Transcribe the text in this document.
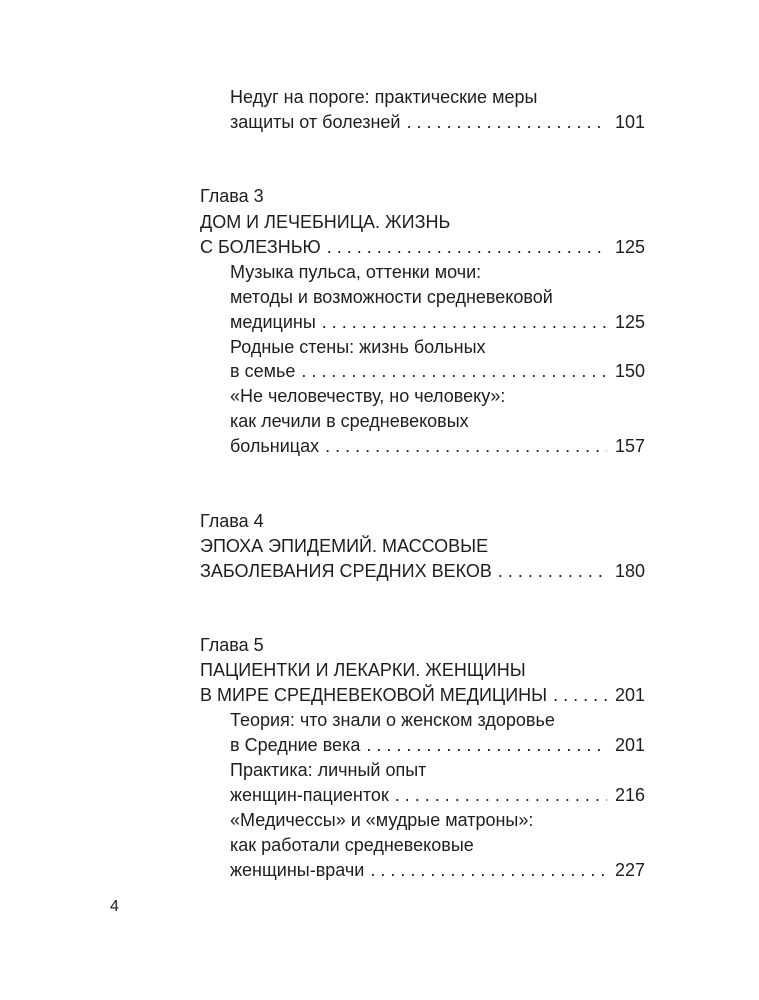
Недуг на пороге: практические меры
защиты от болезней . . .	101
Глава 3
ДОМ И ЛЕЧЕБНИЦА. ЖИЗНЬ
С БОЛЕЗНЬЮ . . .	125
Музыка пульса, оттенки мочи:
методы и возможности средневековой
медицины . . .	125
Родные стены: жизнь больных
в семье . . .	150
«Не человечеству, но человеку»:
как лечили в средневековых
больницах . . .	157
Глава 4
ЭПОХА ЭПИДЕМИЙ. МАССОВЫЕ
ЗАБОЛЕВАНИЯ СРЕДНИХ ВЕКОВ . . .	180
Глава 5
ПАЦИЕНТКИ И ЛЕКАРКИ. ЖЕНЩИНЫ
В МИРЕ СРЕДНЕВЕКОВОЙ МЕДИЦИНЫ . . .	201
Теория: что знали о женском здоровье
в Средние века . . .	201
Практика: личный опыт
женщин-пациенток . . .	216
«Медичессы» и «мудрые матроны»:
как работали средневековые
женщины-врачи . . .	227
4
